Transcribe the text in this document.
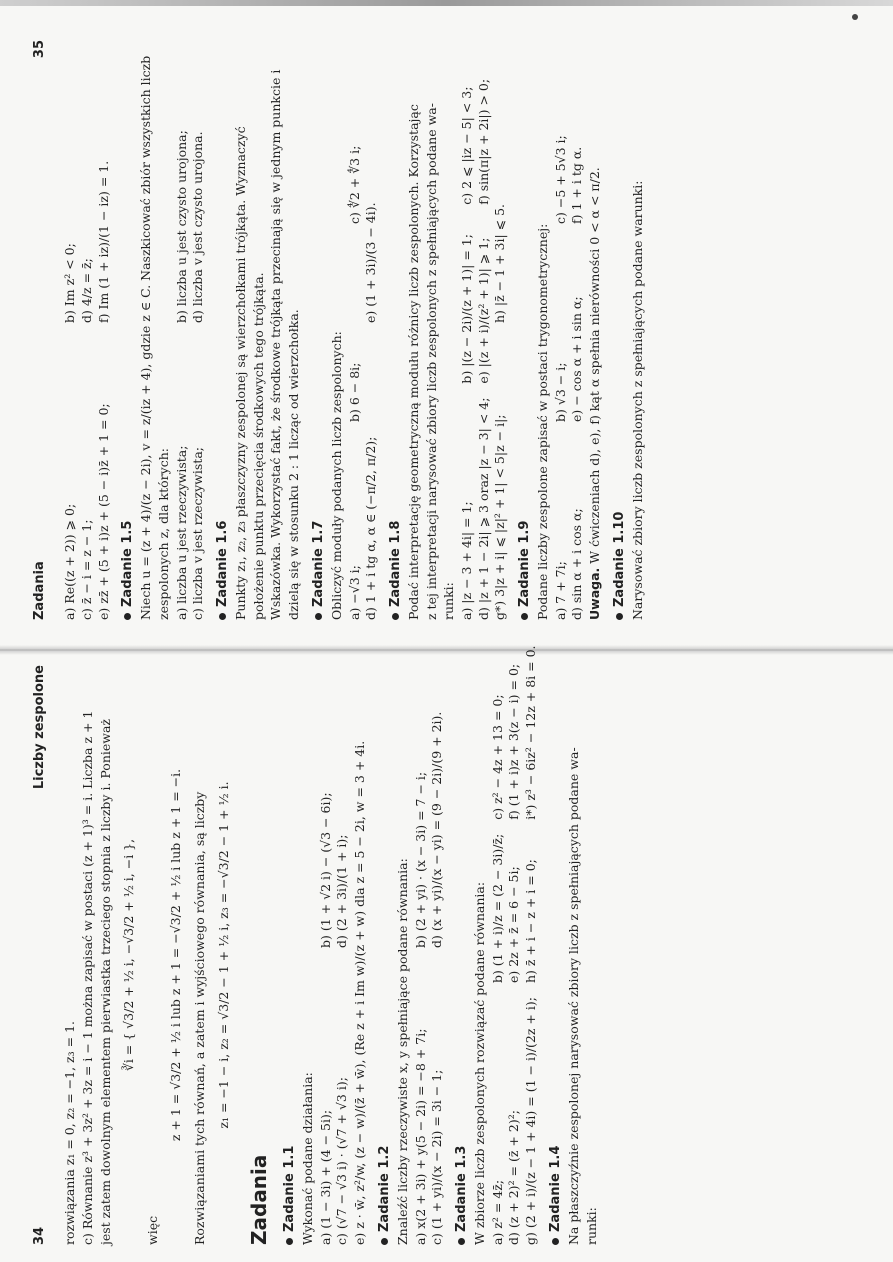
Zadania
35
a) Re((z + 2)) ⩾ 0;
b) Im z² < 0;
c) z̄ − i = z − 1;
d) 4/z = z̄;
e) zz̄ + (5 + i)z + (5 − i)z̄ + 1 = 0;
f) Im (1 + iz)/(1 − iz) = 1.
Zadanie 1.5 Niech u = (z + 4)/(z − 2i), v = z/(iz + 4), gdzie z ∈ C. Naszkicować zbiór wszystkich liczb zespolonych z, dla których: a) liczba u jest rzeczywista;
b) liczba u jest czysto urojona;
c) liczba v jest rzeczywista;
d) liczba v jest czysto urojona.
Zadanie 1.6 Punkty z₁, z₂, z₃ płaszczyzny zespolonej są wierzchołkami trójkąta. Wyznaczyć położenie punktu przecięcia środkowych tego trójkąta. Wskazówka. Wykorzystać fakt, że środkowe trójkąta przecinają się w jednym punkcie i dzielą się w stosunku 2 : 1 licząc od wierzchołka. Zadanie 1.7 Obliczyć moduły podanych liczb zespolonych: a) −√3 i;
b) 6 − 8i;
c) ∜2 + ∜3 i;
d) 1 + i tg α, α ∈ (−π/2, π/2);
e) (1 + 3i)/(3 − 4i).
Zadanie 1.8 Podać interpretację geometryczną modułu różnicy liczb zespolonych. Korzystając z tej interpretacji narysować zbiory liczb zespolonych z spełniających podane wa- runki: a) |z − 3 + 4i| = 1;
b) |(z − 2i)/(z + 1)| = 1;
c) 2 ⩽ |iz − 5| < 3;
d) |z + 1 − 2i| ⩾ 3 oraz |z − 3| < 4;
e) |(z + i)/(z² + 1)| ⩾ 1;
f) sin(π|z + 2i|) > 0;
g*) 3|z + i| ⩽ |z|² + 1| < 5|z − i|;
h) |z̄ − 1 + 3i| ⩽ 5.
Zadanie 1.9 Podane liczby zespolone zapisać w postaci trygonometrycznej: a) 7 + 7i;
b) √3 − i;
c) −5 + 5√3 i;
d) sin α + i cos α;
e) − cos α + i sin α;
f) 1 + i tg α.
Uwaga. W ćwiczeniach d), e), f) kąt α spełnia nierówności 0 < α < π/2. Zadanie 1.10 Narysować zbiory liczb zespolonych z spełniających podane warunki:
34
Liczby zespolone
rozwiązania z₁ = 0, z₂ = −1, z₃ = 1. c) Równanie z³ + 3z² + 3z = i − 1 można zapisać w postaci (z + 1)³ = i. Liczba z + 1 jest zatem dowolnym elementem pierwiastka trzeciego stopnia z liczby i. Ponieważ ∛i = { √3/2 + ½ i, −√3/2 + ½ i, −i },
więc
z + 1 = √3/2 + ½ i lub z + 1 = −√3/2 + ½ i lub z + 1 = −i. Rozwiązaniami tych równań, a zatem i wyjściowego równania, są liczby z₁ = −1 − i, z₂ = √3/2 − 1 + ½ i, z₃ = −√3/2 − 1 + ½ i.
Zadania Zadanie 1.1 Wykonać podane działania: a) (1 − 3i) + (4 − 5i);
b) (1 + √2 i) − (√3 − 6i);
c) (√7 − √3 i) · (√7 + √3 i);
d) (2 + 3i)/(1 + i); e) z · w̄, z²/w, (z − w)/(z̄ + w̄), (Re z + i Im w)/(z + w) dla z = 5 − 2i, w = 3 + 4i. Zadanie 1.2 Znaleźć liczby rzeczywiste x, y spełniające podane równania: a) x(2 + 3i) + y(5 − 2i) = −8 + 7i;
b) (2 + yi) · (x − 3i) = 7 − i;
c) (1 + yi)/(x − 2i) = 3i − 1;
d) (x + yi)/(x − yi) = (9 − 2i)/(9 + 2i).
Zadanie 1.3 W zbiorze liczb zespolonych rozwiązać podane równania: a) z² = 4z̄;
b) (1 + i)/z = (2 − 3i)/z̄;
c) z² − 4z + 13 = 0;
d) (z + 2)² = (z̄ + 2)²;
e) 2z + z̄ = 6 − 5i;
f) (1 + i)z + 3(z − i) = 0;
g) (2 + i)/(z − 1 + 4i) = (1 − i)/(2z + i);
h) z̄ + i − z + i = 0;
i*) z³ − 6iz² − 12z + 8i = 0.
Zadanie 1.4 Na płaszczyźnie zespolonej narysować zbiory liczb z spełniających podane wa- runki:
